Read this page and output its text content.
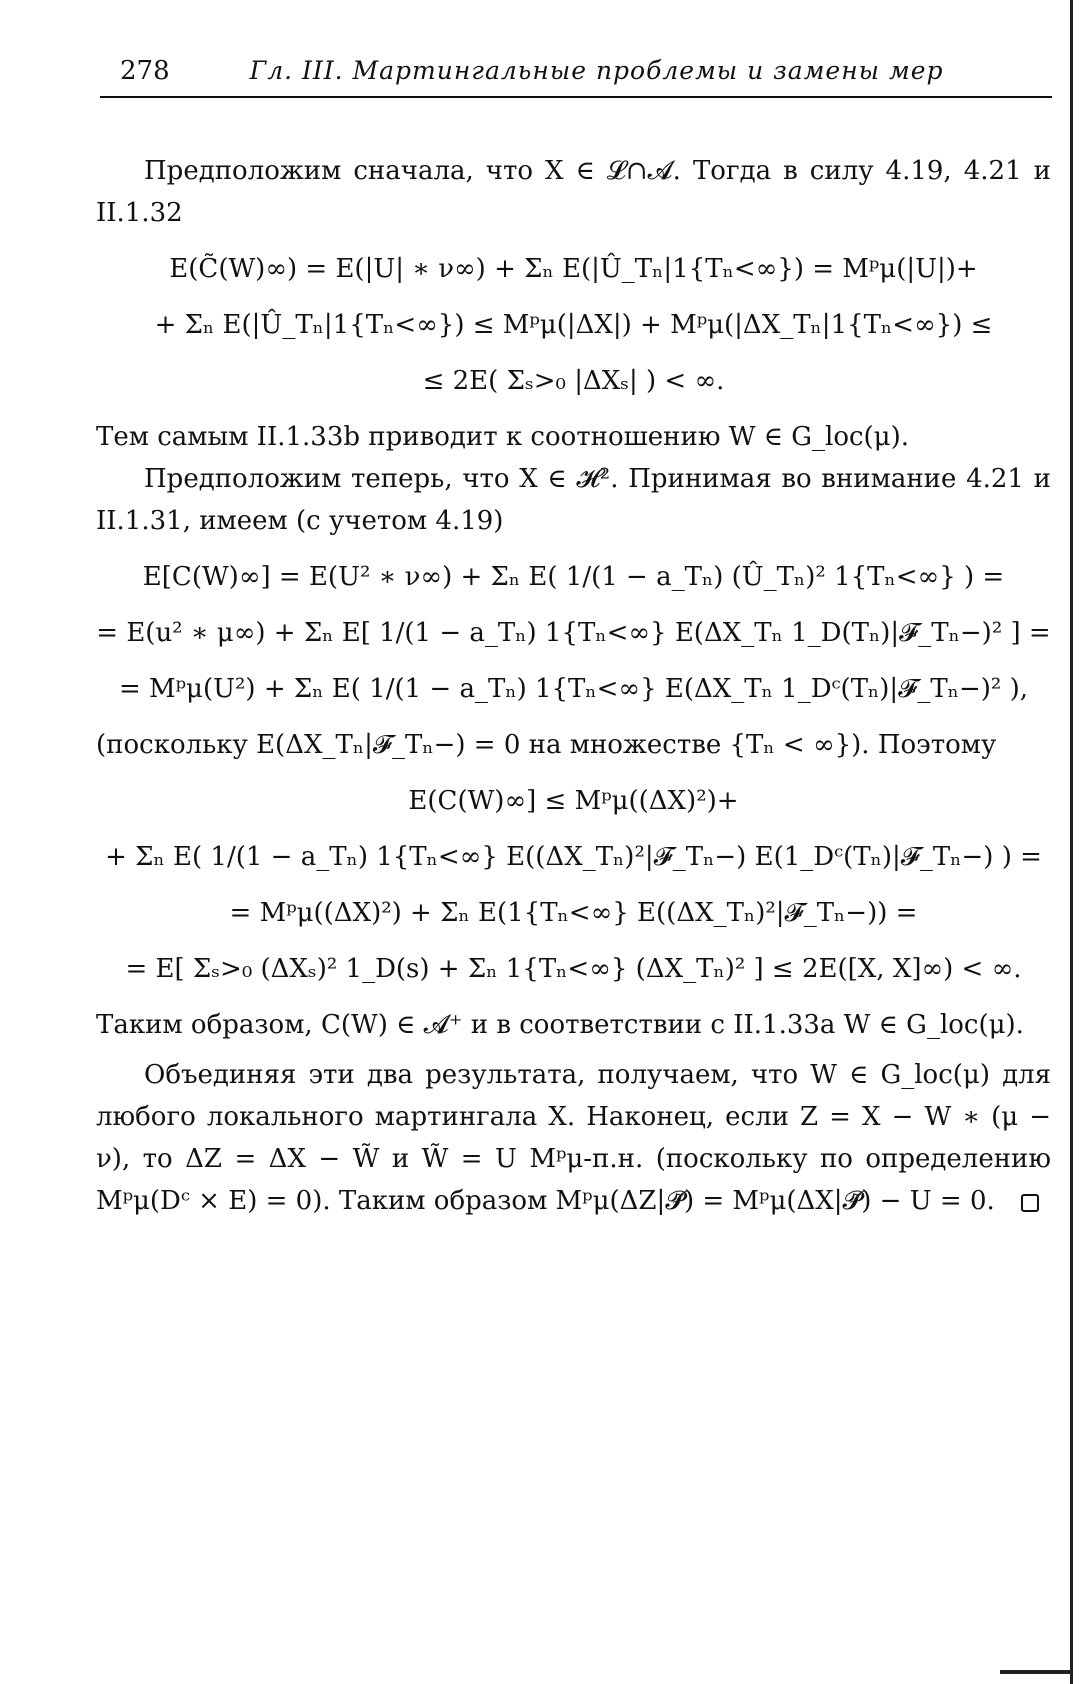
278	Гл. III. Мартингальные проблемы и замены мер

Предположим сначала, что X ∈ 𝓛∩𝓐. Тогда в силу 4.19, 4.21 и II.1.32

E(C̃(W)∞) = E(|U| ∗ ν∞) + Σₙ E(|Û_Tₙ|1{Tₙ<∞}) = Mᵖμ(|U|)+
+ Σₙ E(|Û_Tₙ|1{Tₙ<∞}) ≤ Mᵖμ(|ΔX|) + Mᵖμ(|ΔX_Tₙ|1{Tₙ<∞}) ≤
≤ 2E( Σₛ>₀ |ΔXₛ| ) < ∞.

Тем самым II.1.33b приводит к соотношению W ∈ G_loc(μ).

Предположим теперь, что X ∈ 𝓗². Принимая во внимание 4.21 и II.1.31, имеем (с учетом 4.19)

E[C(W)∞] = E(U² ∗ ν∞) + Σₙ E( 1/(1 − a_Tₙ) (Û_Tₙ)² 1{Tₙ<∞} ) =
= E(u² ∗ μ∞) + Σₙ E[ 1/(1 − a_Tₙ) 1{Tₙ<∞} E(ΔX_Tₙ 1_D(Tₙ)|𝓕_Tₙ−)² ] =
= Mᵖμ(U²) + Σₙ E( 1/(1 − a_Tₙ) 1{Tₙ<∞} E(ΔX_Tₙ 1_Dᶜ(Tₙ)|𝓕_Tₙ−)² ),

(поскольку E(ΔX_Tₙ|𝓕_Tₙ−) = 0 на множестве {Tₙ < ∞}). Поэтому

E(C(W)∞] ≤ Mᵖμ((ΔX)²)+
+ Σₙ E( 1/(1 − a_Tₙ) 1{Tₙ<∞} E((ΔX_Tₙ)²|𝓕_Tₙ−) E(1_Dᶜ(Tₙ)|𝓕_Tₙ−) ) =
= Mᵖμ((ΔX)²) + Σₙ E(1{Tₙ<∞} E((ΔX_Tₙ)²|𝓕_Tₙ−)) =
= E[ Σₛ>₀ (ΔXₛ)² 1_D(s) + Σₙ 1{Tₙ<∞} (ΔX_Tₙ)² ] ≤ 2E([X, X]∞) < ∞.

Таким образом, C(W) ∈ 𝓐⁺ и в соответствии с II.1.33a W ∈ G_loc(μ).

Объединяя эти два результата, получаем, что W ∈ G_loc(μ) для любого локального мартингала X. Наконец, если Z = X − W ∗ (μ − ν), то ΔZ = ΔX − W̃ и W̃ = U Mᵖμ-п.н. (поскольку по определению Mᵖμ(Dᶜ × E) = 0). Таким образом Mᵖμ(ΔZ|𝓟̃) = Mᵖμ(ΔX|𝓟̃) − U = 0.
